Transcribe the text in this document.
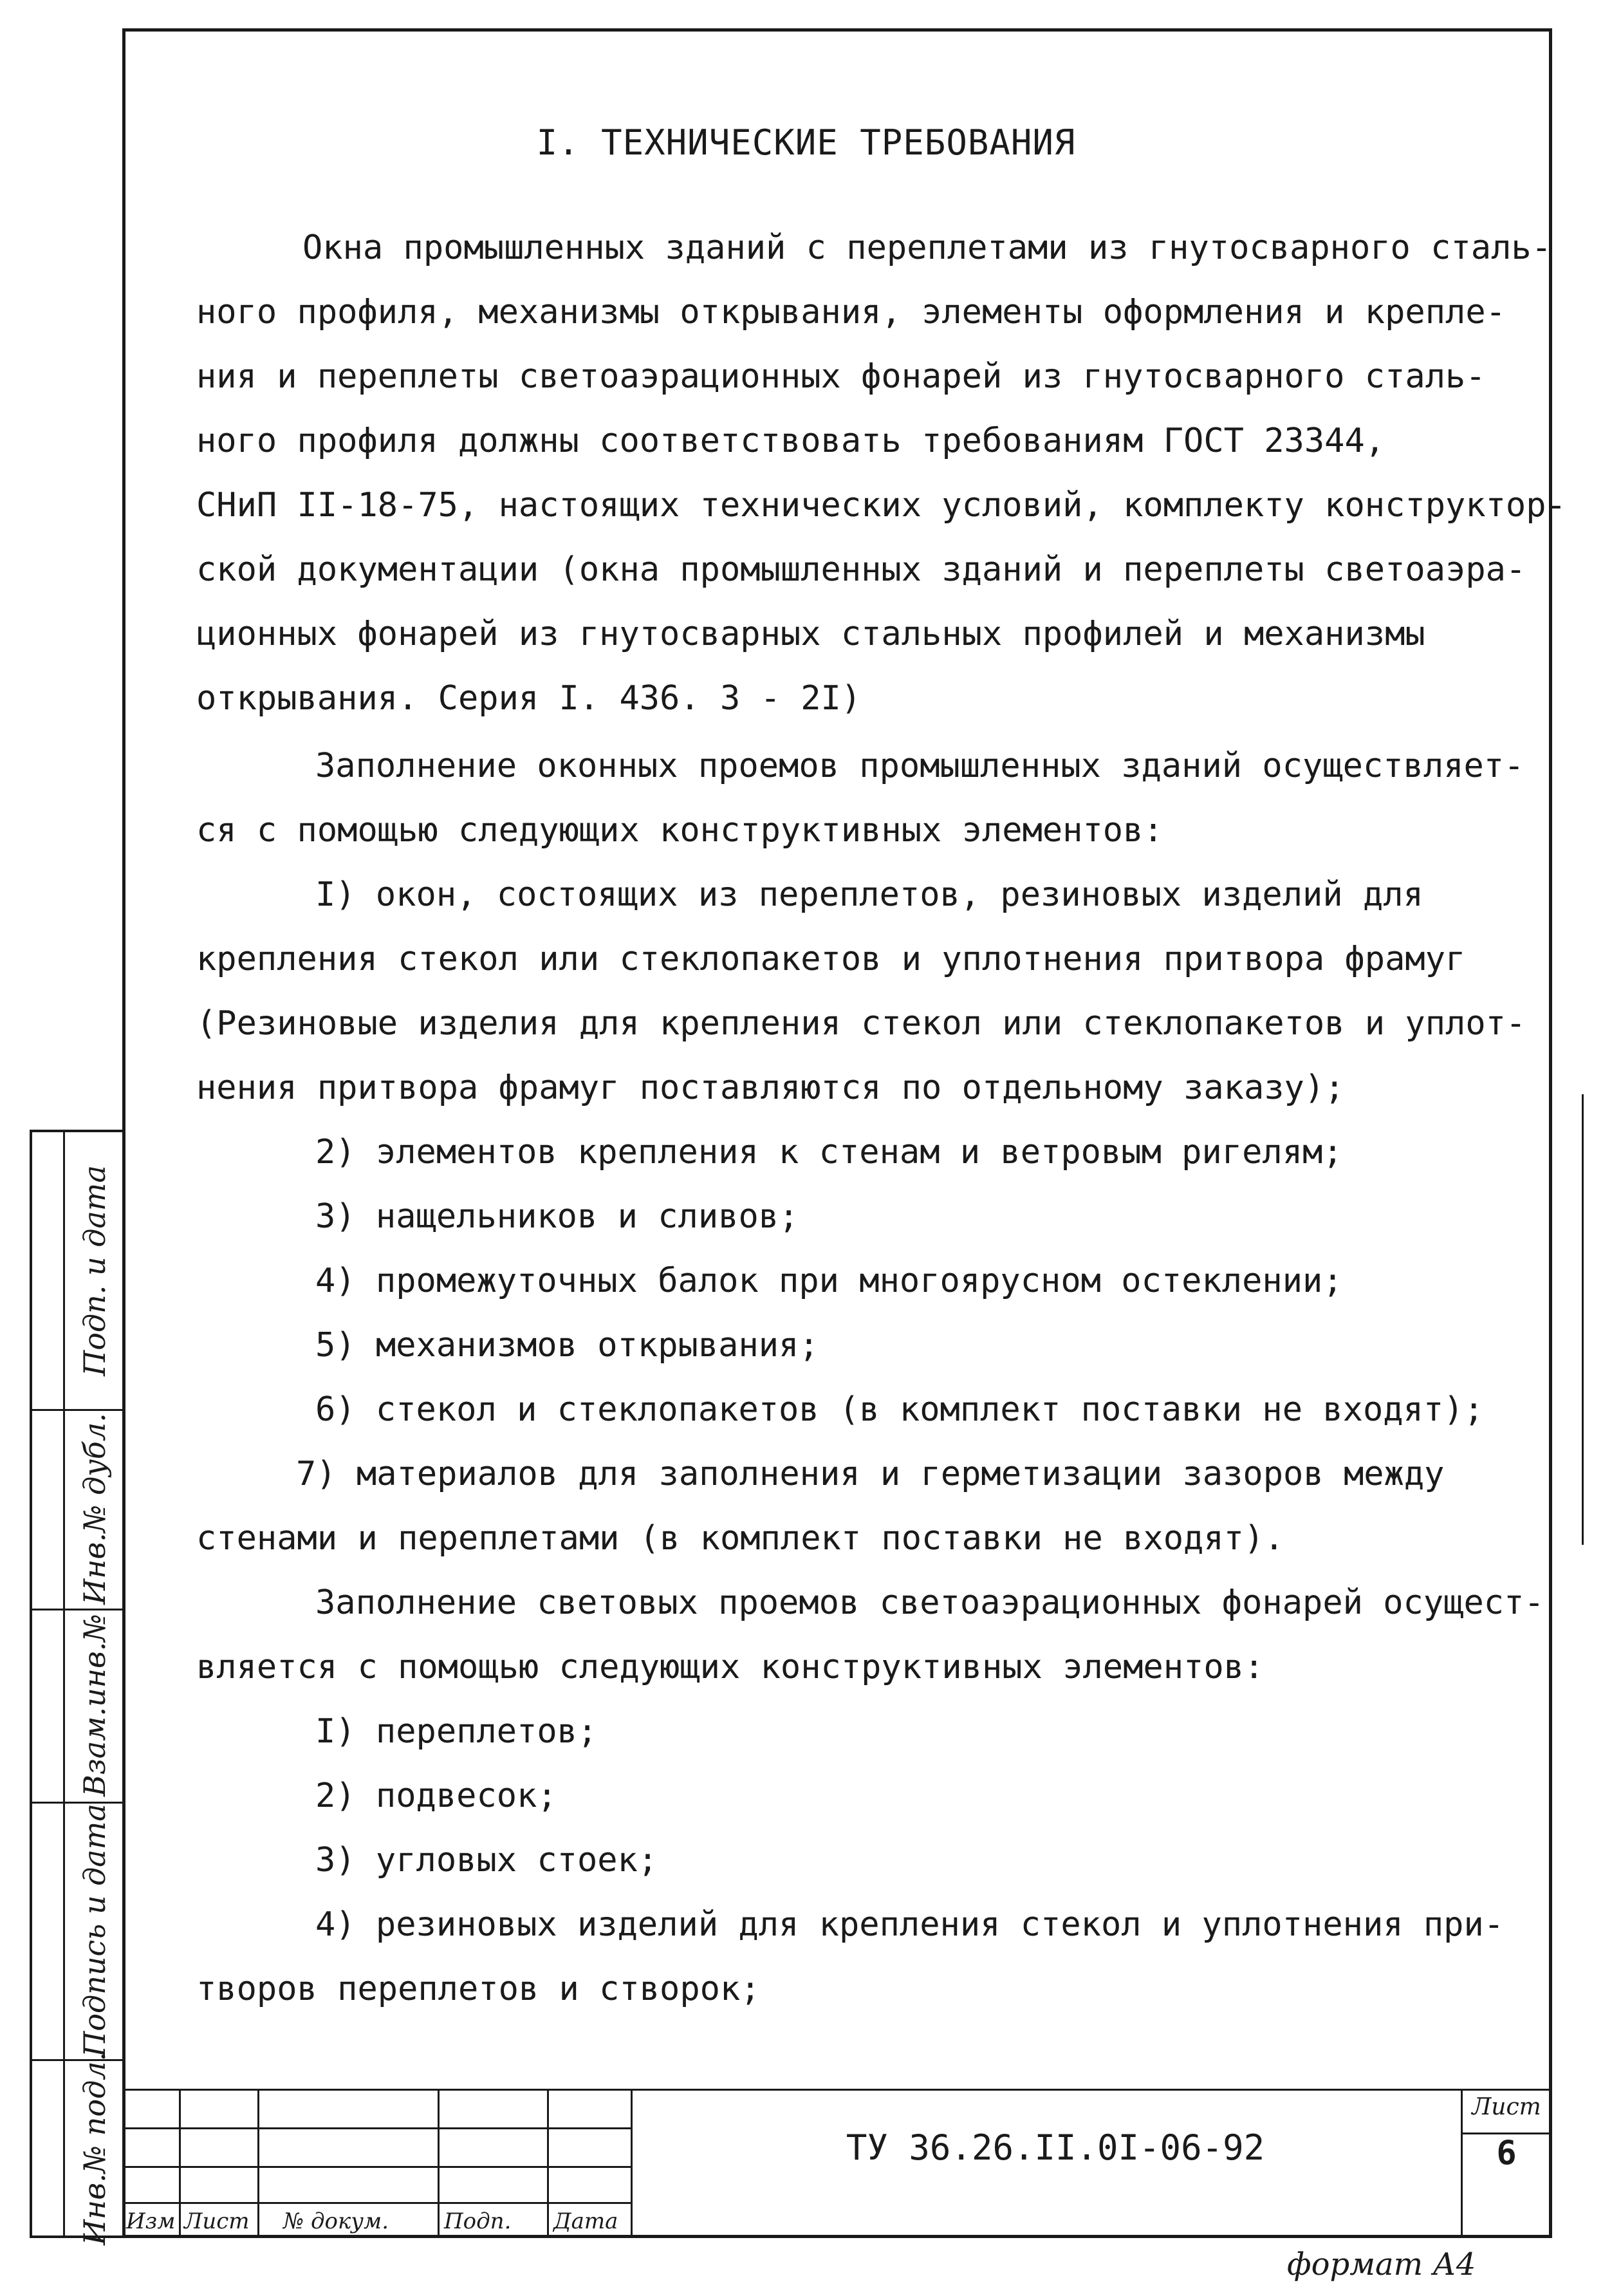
I. ТЕХНИЧЕСКИЕ ТРЕБОВАНИЯ
Окна промышленных зданий с переплетами из гнутосварного сталь-
ного профиля, механизмы открывания, элементы оформления и крепле-
ния и переплеты светоаэрационных фонарей из гнутосварного сталь-
ного профиля должны соответствовать требованиям ГОСТ 23344,
СНиП II-18-75, настоящих технических условий, комплекту конструктор-
ской документации (окна промышленных зданий и переплеты светоаэра-
ционных фонарей из гнутосварных стальных профилей и механизмы
открывания. Серия I. 436. 3 - 2I)
Заполнение оконных проемов промышленных зданий осуществляет-
ся с помощью следующих конструктивных элементов:
I) окон, состоящих из переплетов, резиновых изделий для
крепления стекол или стеклопакетов и уплотнения притвора фрамуг
(Резиновые изделия для крепления стекол или стеклопакетов и уплот-
нения притвора фрамуг поставляются по отдельному заказу);
2) элементов крепления к стенам и ветровым ригелям;
3) нащельников и сливов;
4) промежуточных балок при многоярусном остеклении;
5) механизмов открывания;
6) стекол и стеклопакетов (в комплект поставки не входят);
7) материалов для заполнения и герметизации зазоров между
стенами и переплетами (в комплект поставки не входят).
Заполнение световых проемов светоаэрационных фонарей осущест-
вляется с помощью следующих конструктивных элементов:
I) переплетов;
2) подвесок;
3) угловых стоек;
4) резиновых изделий для крепления стекол и уплотнения при-
творов переплетов и створок;
Подп. и дата
Инв.№ дубл.
Взам.инв.№
Подпись и дата
Инв.№ подл. Изм Лист № докум.	Подп. Дата
ТУ 36.26.II.0I-06-92
Лист
6
формат А4
